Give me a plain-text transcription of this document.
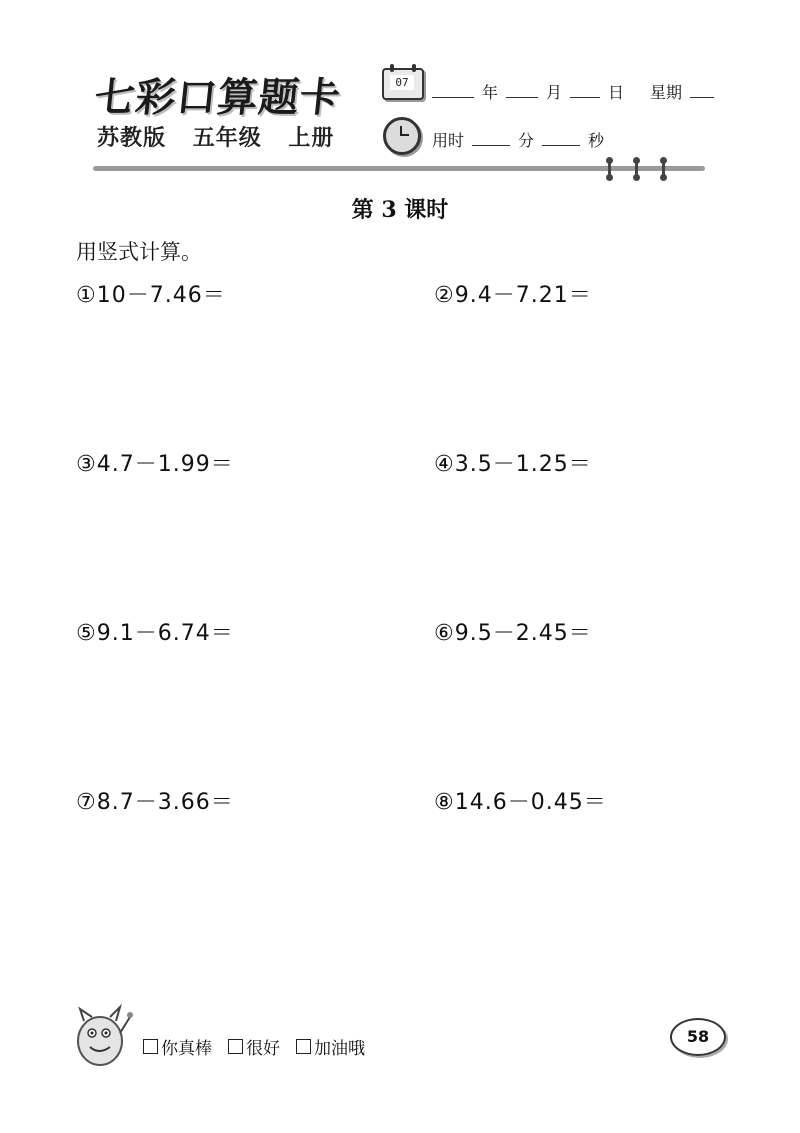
七彩口算题卡
苏教版 五年级 上册
07
年	月	日 星期
用时	分	秒
第 3 课时
用竖式计算。
①10－7.46＝	②9.4－7.21＝
③4.7－1.99＝	④3.5－1.25＝
⑤9.1－6.74＝	⑥9.5－2.45＝
⑦8.7－3.66＝	⑧14.6－0.45＝
你真棒 很好 加油哦
58
